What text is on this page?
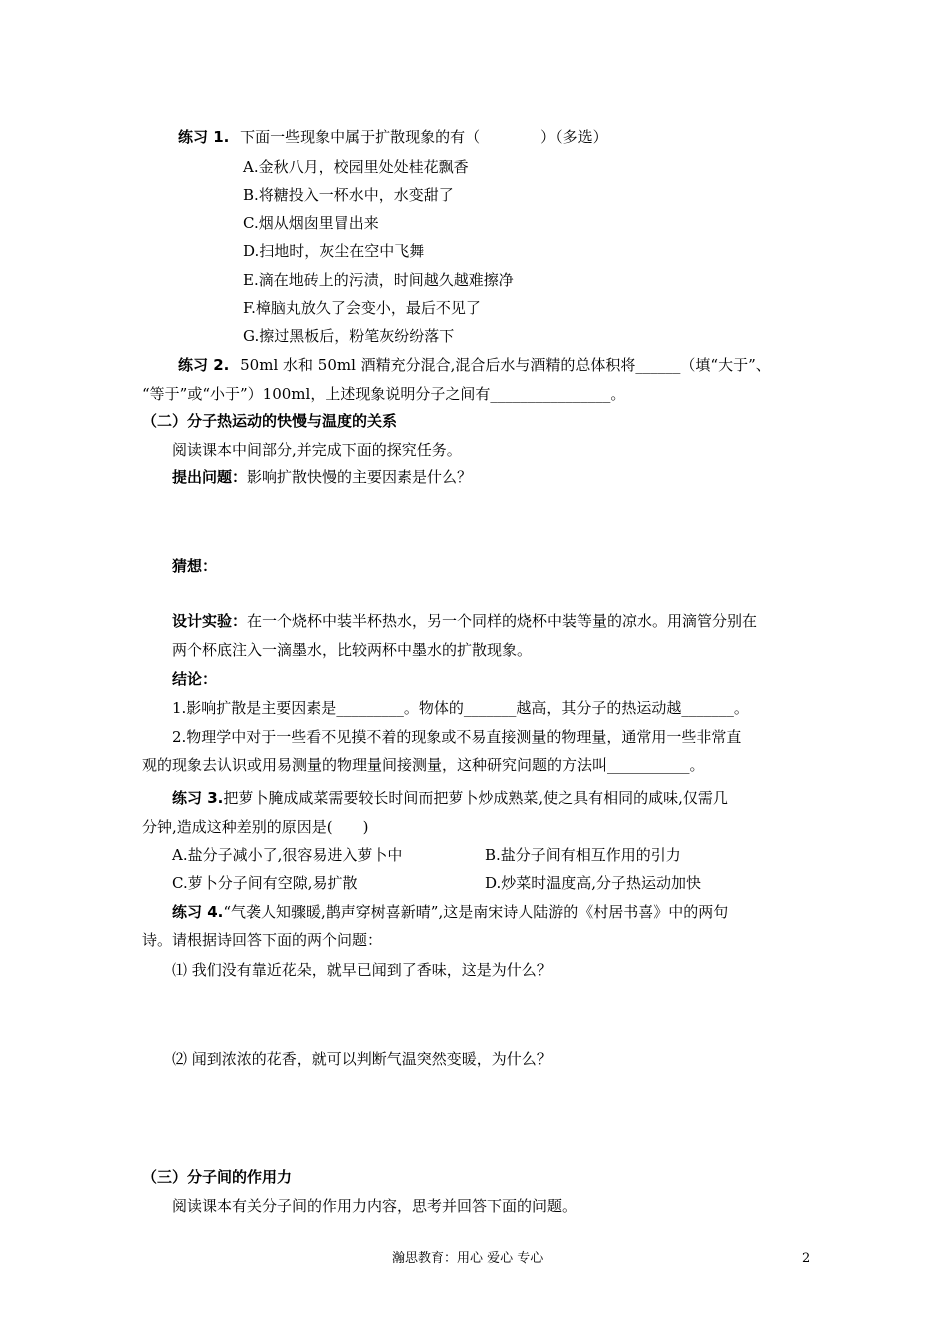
练习 1. 下面一些现象中属于扩散现象的有（　　　　）（多选）
A.金秋八月，校园里处处桂花飘香
B.将糖投入一杯水中，水变甜了
C.烟从烟囱里冒出来
D.扫地时，灰尘在空中飞舞
E.滴在地砖上的污渍，时间越久越难擦净
F.樟脑丸放久了会变小，最后不见了
G.擦过黑板后，粉笔灰纷纷落下
练习 2. 50ml 水和 50ml 酒精充分混合,混合后水与酒精的总体积将______（填“大于”、
“等于”或“小于”）100ml，上述现象说明分子之间有________________。
（二）分子热运动的快慢与温度的关系
阅读课本中间部分,并完成下面的探究任务。
提出问题：影响扩散快慢的主要因素是什么？
猜想：
设计实验：在一个烧杯中装半杯热水，另一个同样的烧杯中装等量的凉水。用滴管分别在
两个杯底注入一滴墨水，比较两杯中墨水的扩散现象。
结论：
1.影响扩散是主要因素是_________。物体的_______越高，其分子的热运动越_______。
2.物理学中对于一些看不见摸不着的现象或不易直接测量的物理量，通常用一些非常直
观的现象去认识或用易测量的物理量间接测量，这种研究问题的方法叫___________。
练习 3.把萝卜腌成咸菜需要较长时间而把萝卜炒成熟菜,使之具有相同的咸味,仅需几
分钟,造成这种差别的原因是(　　)
A.盐分子减小了,很容易进入萝卜中	B.盐分子间有相互作用的引力
C.萝卜分子间有空隙,易扩散	D.炒菜时温度高,分子热运动加快
练习 4.“气袭人知骤暖,鹊声穿树喜新晴”,这是南宋诗人陆游的《村居书喜》中的两句
诗。请根据诗回答下面的两个问题：
⑴ 我们没有靠近花朵，就早已闻到了香味，这是为什么？
⑵ 闻到浓浓的花香，就可以判断气温突然变暖，为什么？
（三）分子间的作用力
阅读课本有关分子间的作用力内容，思考并回答下面的问题。
瀚思教育：用心 爱心 专心	2
